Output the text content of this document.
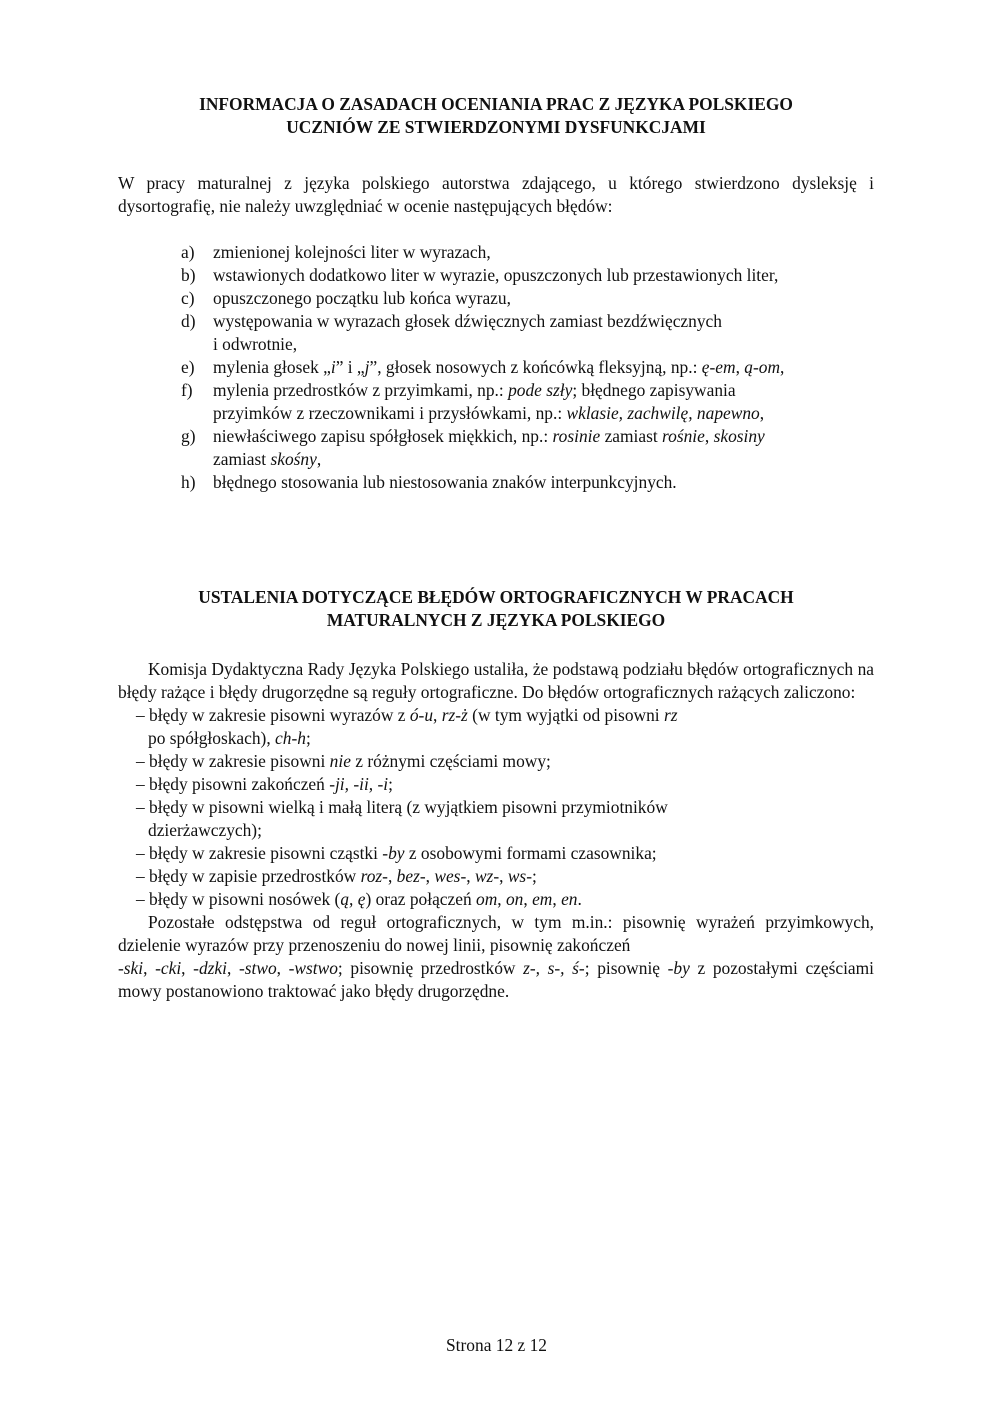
INFORMACJA O ZASADACH OCENIANIA PRAC Z JĘZYKA POLSKIEGO

UCZNIÓW ZE STWIERDZONYMI DYSFUNKCJAMI

W pracy maturalnej z języka polskiego autorstwa zdającego, u którego stwierdzono dysleksję i dysortografię, nie należy uwzględniać w ocenie następujących błędów:

a) zmienionej kolejności liter w wyrazach,
b) wstawionych dodatkowo liter w wyrazie, opuszczonych lub przestawionych liter,
c) opuszczonego początku lub końca wyrazu,
d) występowania w wyrazach głosek dźwięcznych zamiast bezdźwięcznych
i odwrotnie,
e) mylenia głosek „i” i „j”, głosek nosowych z końcówką fleksyjną, np.: ę-em, ą-om,
f) mylenia przedrostków z przyimkami, np.: pode szły; błędnego zapisywania
przyimków z rzeczownikami i przysłówkami, np.: wklasie, zachwilę, napewno,
g) niewłaściwego zapisu spółgłosek miękkich, np.: rosinie zamiast rośnie, skosiny
zamiast skośny,
h) błędnego stosowania lub niestosowania znaków interpunkcyjnych.

USTALENIA DOTYCZĄCE BŁĘDÓW ORTOGRAFICZNYCH W PRACACH

MATURALNYCH Z JĘZYKA POLSKIEGO

Komisja Dydaktyczna Rady Języka Polskiego ustaliła, że podstawą podziału błędów ortograficznych na błędy rażące i błędy drugorzędne są reguły ortograficzne. Do błędów ortograficznych rażących zaliczono:

– błędy w zakresie pisowni wyrazów z ó-u, rz-ż (w tym wyjątki od pisowni rz
po spółgłoskach), ch-h;
– błędy w zakresie pisowni nie z różnymi częściami mowy;
– błędy pisowni zakończeń -ji, -ii, -i;
– błędy w pisowni wielką i małą literą (z wyjątkiem pisowni przymiotników
dzierżawczych);
– błędy w zakresie pisowni cząstki -by z osobowymi formami czasownika;
– błędy w zapisie przedrostków roz-, bez-, wes-, wz-, ws-;
– błędy w pisowni nosówek (ą, ę) oraz połączeń om, on, em, en.

Pozostałe odstępstwa od reguł ortograficznych, w tym m.in.: pisownię wyrażeń przyimkowych, dzielenie wyrazów przy przenoszeniu do nowej linii, pisownię zakończeń
-ski, -cki, -dzki, -stwo, -wstwo; pisownię przedrostków z-, s-, ś-; pisownię -by z pozostałymi częściami mowy postanowiono traktować jako błędy drugorzędne.

Strona 12 z 12
